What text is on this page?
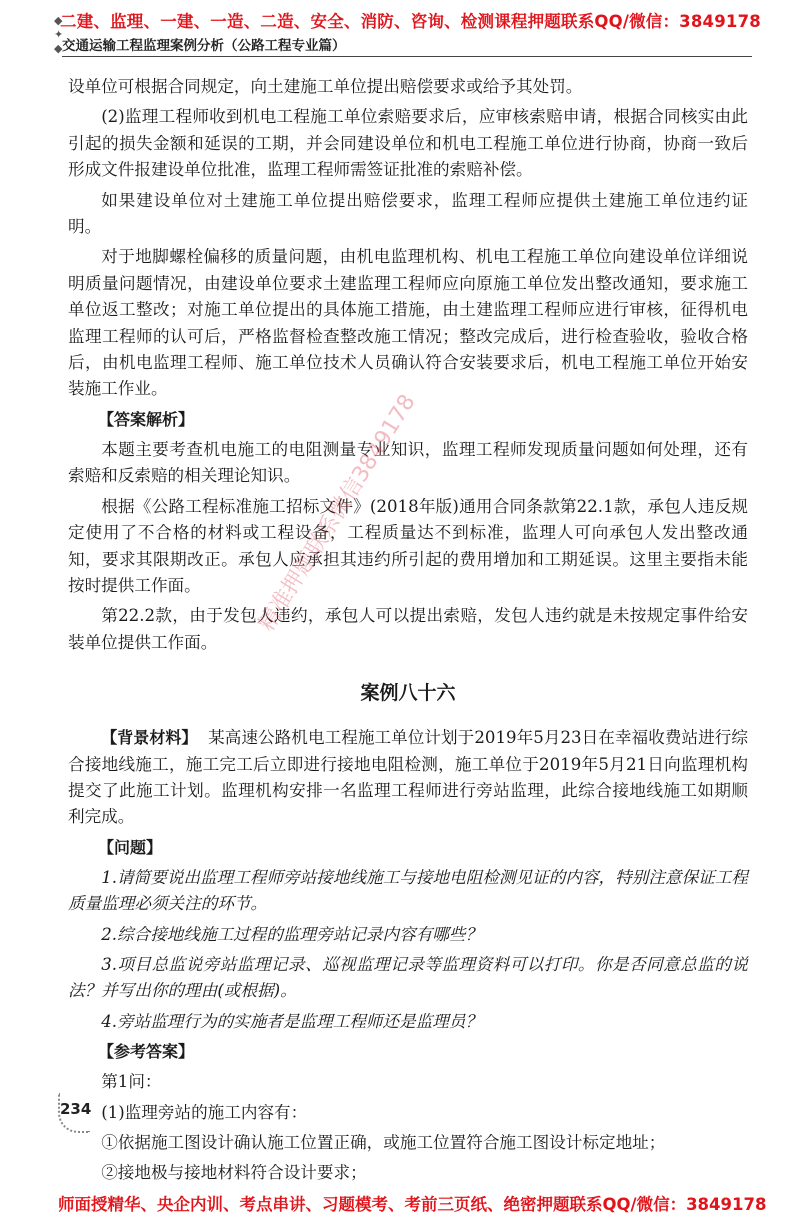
二建、监理、一建、一造、二造、安全、消防、咨询、检测课程押题联系QQ/微信：3849178
◆
✦
◆ 交通运输工程监理案例分析（公路工程专业篇）

设单位可根据合同规定，向土建施工单位提出赔偿要求或给予其处罚。

(2)监理工程师收到机电工程施工单位索赔要求后，应审核索赔申请，根据合同核实由此引起的损失金额和延误的工期，并会同建设单位和机电工程施工单位进行协商，协商一致后形成文件报建设单位批准，监理工程师需签证批准的索赔补偿。

如果建设单位对土建施工单位提出赔偿要求，监理工程师应提供土建施工单位违约证明。

对于地脚螺栓偏移的质量问题，由机电监理机构、机电工程施工单位向建设单位详细说明质量问题情况，由建设单位要求土建监理工程师应向原施工单位发出整改通知，要求施工单位返工整改；对施工单位提出的具体施工措施，由土建监理工程师应进行审核，征得机电监理工程师的认可后，严格监督检查整改施工情况；整改完成后，进行检查验收，验收合格后，由机电监理工程师、施工单位技术人员确认符合安装要求后，机电工程施工单位开始安装施工作业。

【答案解析】

本题主要考查机电施工的电阻测量专业知识，监理工程师发现质量问题如何处理，还有索赔和反索赔的相关理论知识。

根据《公路工程标准施工招标文件》(2018年版)通用合同条款第22.1款，承包人违反规定使用了不合格的材料或工程设备，工程质量达不到标准，监理人可向承包人发出整改通知，要求其限期改正。承包人应承担其违约所引起的费用增加和工期延误。这里主要指未能按时提供工作面。

第22.2款，由于发包人违约，承包人可以提出索赔，发包人违约就是未按规定事件给安装单位提供工作面。

案例八十六

【背景材料】 某高速公路机电工程施工单位计划于2019年5月23日在幸福收费站进行综合接地线施工，施工完工后立即进行接地电阻检测，施工单位于2019年5月21日向监理机构提交了此施工计划。监理机构安排一名监理工程师进行旁站监理，此综合接地线施工如期顺利完成。

【问题】

1.请简要说出监理工程师旁站接地线施工与接地电阻检测见证的内容，特别注意保证工程质量监理必须关注的环节。

2.综合接地线施工过程的监理旁站记录内容有哪些？

3.项目总监说旁站监理记录、巡视监理记录等监理资料可以打印。你是否同意总监的说法？并写出你的理由(或根据)。

4.旁站监理行为的实施者是监理工程师还是监理员？

【参考答案】

第1问：

(1)监理旁站的施工内容有：

①依据施工图设计确认施工位置正确，或施工位置符合施工图设计标定地址；

②接地极与接地材料符合设计要求；

234
精准押题联系微信3849178
师面授精华、央企内训、考点串讲、习题模考、考前三页纸、绝密押题联系QQ/微信：3849178
